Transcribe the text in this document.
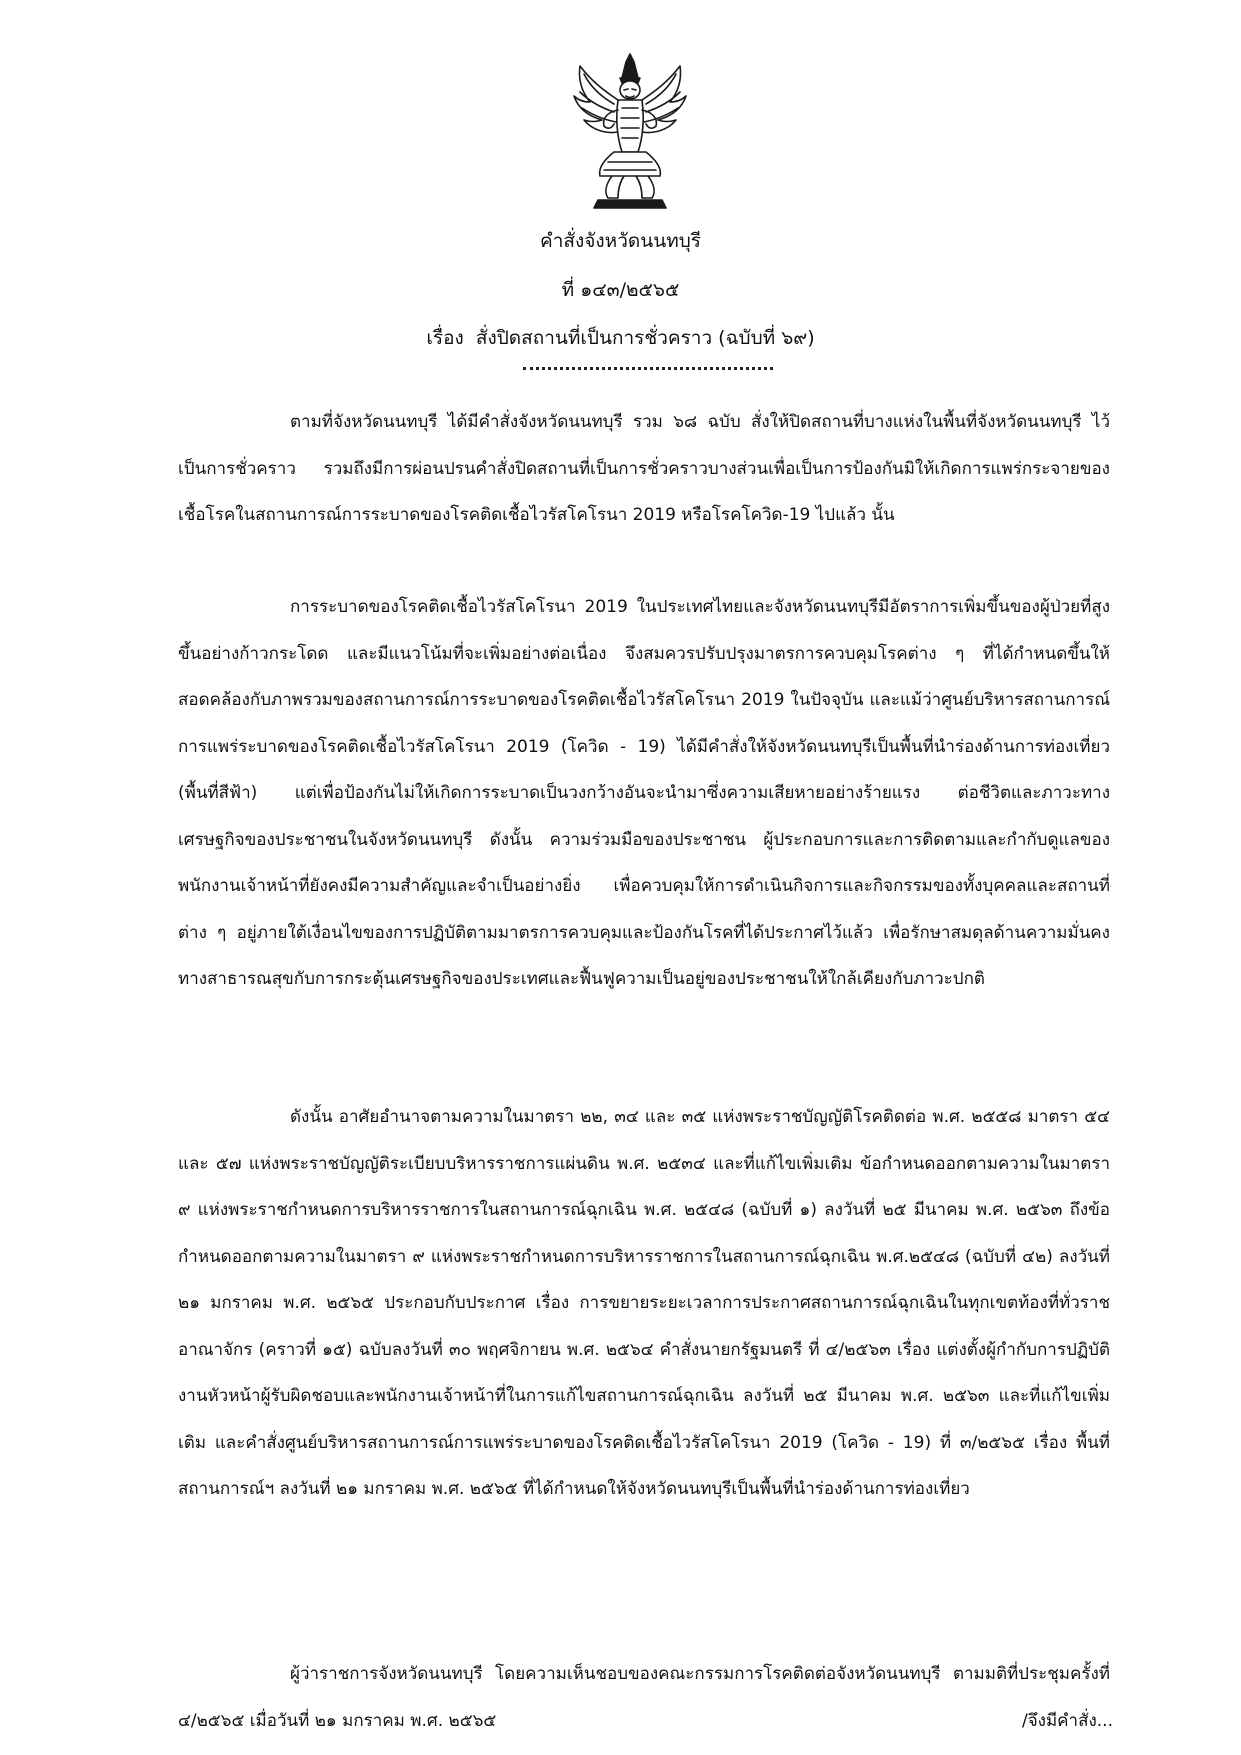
คำสั่งจังหวัดนนทบุรี
ที่ ๑๔๓/๒๕๖๕
เรื่อง  สั่งปิดสถานที่เป็นการชั่วคราว (ฉบับที่ ๖๙)

ตามที่จังหวัดนนทบุรี ได้มีคำสั่งจังหวัดนนทบุรี รวม ๖๘ ฉบับ สั่งให้ปิดสถานที่บางแห่งในพื้นที่จังหวัดนนทบุรี ไว้เป็นการชั่วคราว รวมถึงมีการผ่อนปรนคำสั่งปิดสถานที่เป็นการชั่วคราวบางส่วนเพื่อเป็นการป้องกันมิให้เกิดการแพร่กระจายของเชื้อโรคในสถานการณ์การระบาดของโรคติดเชื้อไวรัสโคโรนา 2019 หรือโรคโควิด-19 ไปแล้ว นั้น

การระบาดของโรคติดเชื้อไวรัสโคโรนา 2019 ในประเทศไทยและจังหวัดนนทบุรีมีอัตราการเพิ่มขึ้นของผู้ป่วยที่สูงขึ้นอย่างก้าวกระโดด และมีแนวโน้มที่จะเพิ่มอย่างต่อเนื่อง จึงสมควรปรับปรุงมาตรการควบคุมโรคต่าง ๆ ที่ได้กำหนดขึ้นให้สอดคล้องกับภาพรวมของสถานการณ์การระบาดของโรคติดเชื้อไวรัสโคโรนา 2019 ในปัจจุบัน และแม้ว่าศูนย์บริหารสถานการณ์การแพร่ระบาดของโรคติดเชื้อไวรัสโคโรนา 2019 (โควิด - 19) ได้มีคำสั่งให้จังหวัดนนทบุรีเป็นพื้นที่นำร่องด้านการท่องเที่ยว (พื้นที่สีฟ้า) แต่เพื่อป้องกันไม่ให้เกิดการระบาดเป็นวงกว้างอันจะนำมาซึ่งความเสียหายอย่างร้ายแรง ต่อชีวิตและภาวะทางเศรษฐกิจของประชาชนในจังหวัดนนทบุรี ดังนั้น ความร่วมมือของประชาชน ผู้ประกอบการและการติดตามและกำกับดูแลของพนักงานเจ้าหน้าที่ยังคงมีความสำคัญและจำเป็นอย่างยิ่ง เพื่อควบคุมให้การดำเนินกิจการและกิจกรรมของทั้งบุคคลและสถานที่ต่าง ๆ อยู่ภายใต้เงื่อนไขของการปฏิบัติตามมาตรการควบคุมและป้องกันโรคที่ได้ประกาศไว้แล้ว เพื่อรักษาสมดุลด้านความมั่นคงทางสาธารณสุขกับการกระตุ้นเศรษฐกิจของประเทศและฟื้นฟูความเป็นอยู่ของประชาชนให้ใกล้เคียงกับภาวะปกติ

ดังนั้น อาศัยอำนาจตามความในมาตรา ๒๒, ๓๔ และ ๓๕ แห่งพระราชบัญญัติโรคติดต่อ พ.ศ. ๒๕๕๘ มาตรา ๕๔ และ ๕๗ แห่งพระราชบัญญัติระเบียบบริหารราชการแผ่นดิน พ.ศ. ๒๕๓๔ และที่แก้ไขเพิ่มเติม ข้อกำหนดออกตามความในมาตรา ๙ แห่งพระราชกำหนดการบริหารราชการในสถานการณ์ฉุกเฉิน พ.ศ. ๒๕๔๘ (ฉบับที่ ๑) ลงวันที่ ๒๕ มีนาคม พ.ศ. ๒๕๖๓ ถึงข้อกำหนดออกตามความในมาตรา ๙ แห่งพระราชกำหนดการบริหารราชการในสถานการณ์ฉุกเฉิน พ.ศ.๒๕๔๘ (ฉบับที่ ๔๒) ลงวันที่ ๒๑ มกราคม พ.ศ. ๒๕๖๕ ประกอบกับประกาศ เรื่อง การขยายระยะเวลาการประกาศสถานการณ์ฉุกเฉินในทุกเขตท้องที่ทั่วราชอาณาจักร (คราวที่ ๑๕) ฉบับลงวันที่ ๓๐ พฤศจิกายน พ.ศ. ๒๕๖๔ คำสั่งนายกรัฐมนตรี ที่ ๔/๒๕๖๓ เรื่อง แต่งตั้งผู้กำกับการปฏิบัติงานหัวหน้าผู้รับผิดชอบและพนักงานเจ้าหน้าที่ในการแก้ไขสถานการณ์ฉุกเฉิน ลงวันที่ ๒๕ มีนาคม พ.ศ. ๒๕๖๓ และที่แก้ไขเพิ่มเติม และคำสั่งศูนย์บริหารสถานการณ์การแพร่ระบาดของโรคติดเชื้อไวรัสโคโรนา 2019 (โควิด - 19) ที่ ๓/๒๕๖๕ เรื่อง พื้นที่สถานการณ์ฯ ลงวันที่ ๒๑ มกราคม พ.ศ. ๒๕๖๕ ที่ได้กำหนดให้จังหวัดนนทบุรีเป็นพื้นที่นำร่องด้านการท่องเที่ยว

ผู้ว่าราชการจังหวัดนนทบุรี โดยความเห็นชอบของคณะกรรมการโรคติดต่อจังหวัดนนทบุรี ตามมติที่ประชุมครั้งที่ ๔/๒๕๖๕ เมื่อวันที่ ๒๑ มกราคม พ.ศ. ๒๕๖๕	/จึงมีคำสั่ง...
